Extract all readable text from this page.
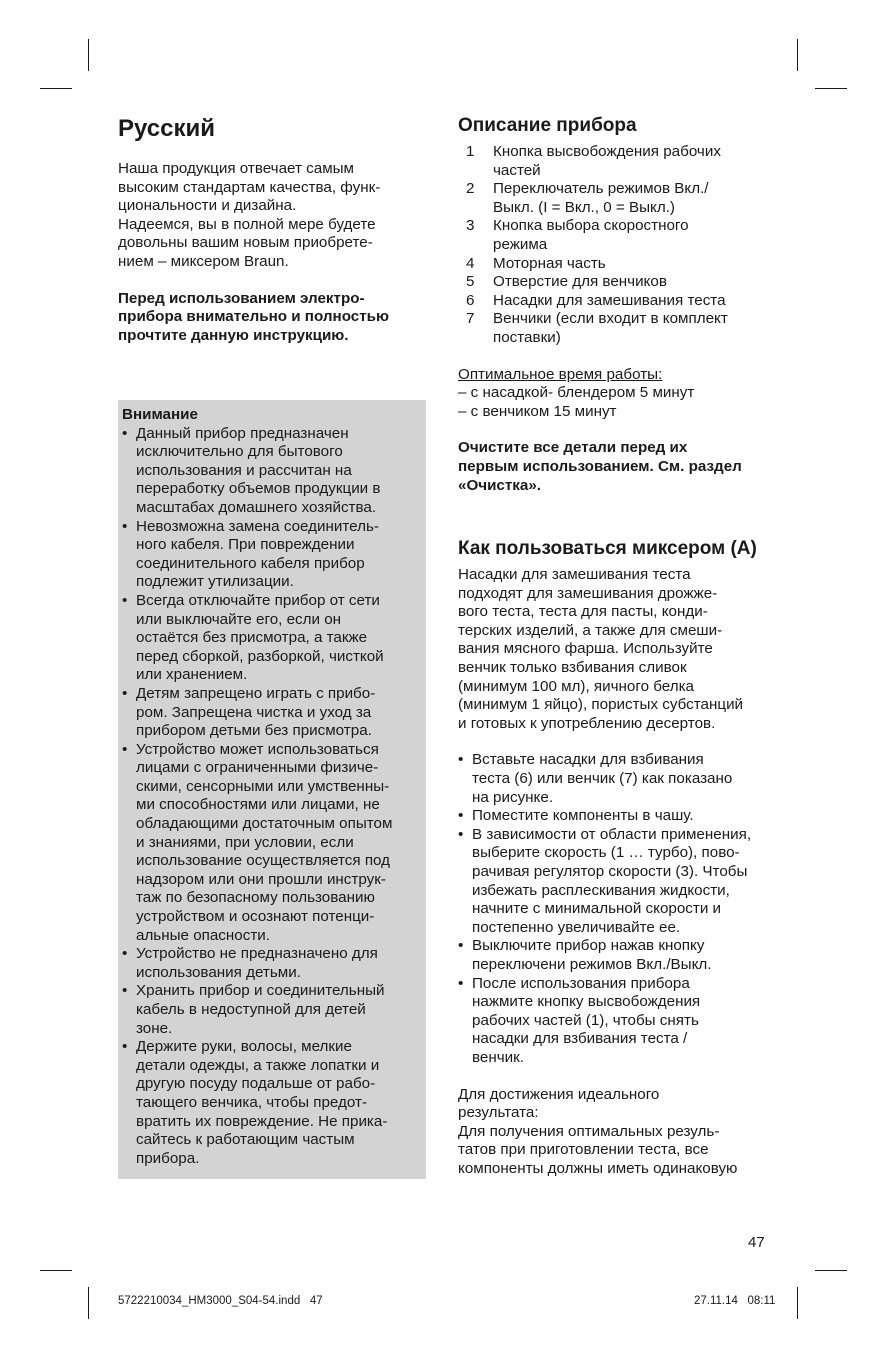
Русский

Наша продукция отвечает самым
высоким стандартам качества, функ-
циональности и дизайна.
Надеемся, вы в полной мере будете
довольны вашим новым приобрете-
нием – миксером Braun.

Перед использованием электро-
прибора внимательно и полностью
прочтите данную инструкцию.

Внимание
• Данный прибор предназначен
исключительно для бытового
использования и рассчитан на
переработку объемов продукции в
масштабах домашнего хозяйства.
• Невозможна замена соединитель-
ного кабеля. При повреждении
соединительного кабеля прибор
подлежит утилизации.
• Всегда отключайте прибор от сети
или выключайте его, если он
остаётся без присмотра, а также
перед сборкой, разборкой, чисткой
или хранением.
• Детям запрещено играть с прибо-
ром. Запрещена чистка и уход за
прибором детьми без присмотра.
• Устройство может использоваться
лицами с ограниченными физиче-
скими, сенсорными или умственны-
ми способностями или лицами, не
обладающими достаточным опытом
и знаниями, при условии, если
использование осуществляется под
надзором или они прошли инструк-
таж по безопасному пользованию
устройством и осознают потенци-
альные опасности.
• Устройство не предназначено для
использования детьми.
• Хранить прибор и соединительный
кабель в недоступной для детей
зоне.
• Держите руки, волосы, мелкие
детали одежды, а также лопатки и
другую посуду подальше от рабо-
тающего венчика, чтобы предот-
вратить их повреждение. Не прика-
сайтесь к работающим частым
прибора.
Описание прибора
1 Кнопка высвобождения рабочих
частей
2 Переключатель режимов Вкл./
Выкл. (I = Вкл., 0 = Выкл.)
3 Кнопка выбора скоростного
режима
4 Моторная часть
5 Отверстие для венчиков
6 Насадки для замешивания теста
7 Венчики (если входит в комплект
поставки)

Оптимальное время работы:

– с насадкой- блендером 5 минут
– с венчиком 15 минут

Очистите все детали перед их
первым использованием. См. раздел
«Очистка».

Как пользоваться миксером (A)

Насадки для замешивания теста
подходят для замешивания дрожже-
вого теста, теста для пасты, конди-
терских изделий, а также для смеши-
вания мясного фарша. Используйте
венчик только взбивания сливок
(минимум 100 мл), яичного белка
(минимум 1 яйцо), пористых субстанций
и готовых к употреблению десертов.

• Вставьте насадки для взбивания
теста (6) или венчик (7) как показано
на рисунке.
• Поместите компоненты в чашу.
• В зависимости от области применения,
выберите скорость (1 … турбо), пово-
рачивая регулятор скорости (3). Чтобы
избежать расплескивания жидкости,
начните с минимальной скорости и
постепенно увеличивайте ее.
• Выключите прибор нажав кнопку
переключени режимов Вкл./Выкл.
• После использования прибора
нажмите кнопку высвобождения
рабочих частей (1), чтобы снять
насадки для взбивания теста /
венчик.

Для достижения идеального
результата:
Для получения оптимальных резуль-
татов при приготовлении теста, все
компоненты должны иметь одинаковую

47
5722210034_HM3000_S04-54.indd   47	27.11.14   08:11
